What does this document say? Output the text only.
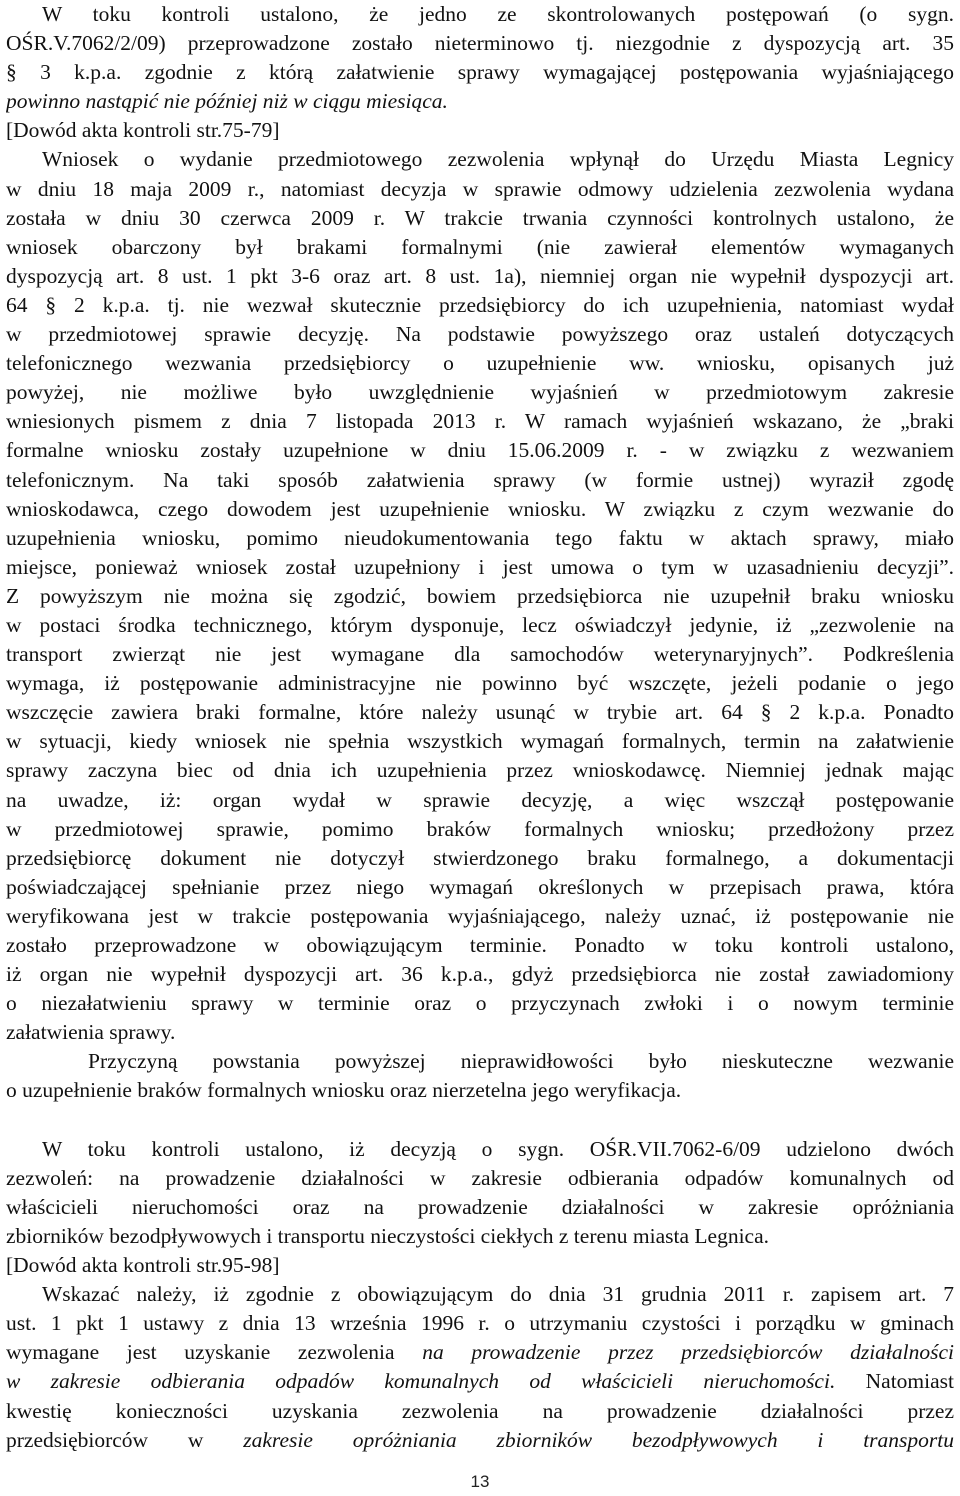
W toku kontroli ustalono, że jedno ze skontrolowanych postępowań (o sygn.
OŚR.V.7062/2/09) przeprowadzone zostało nieterminowo tj. niezgodnie z dyspozycją art. 35
§ 3 k.p.a. zgodnie z którą załatwienie sprawy wymagającej postępowania wyjaśniającego
powinno nastąpić nie później niż w ciągu miesiąca.
[Dowód akta kontroli str.75-79]
Wniosek o wydanie przedmiotowego zezwolenia wpłynął do Urzędu Miasta Legnicy
w dniu 18 maja 2009 r., natomiast decyzja w sprawie odmowy udzielenia zezwolenia wydana
została w dniu 30 czerwca 2009 r. W trakcie trwania czynności kontrolnych ustalono, że
wniosek obarczony był brakami formalnymi (nie zawierał elementów wymaganych
dyspozycją art. 8 ust. 1 pkt 3-6 oraz art. 8 ust. 1a), niemniej organ nie wypełnił dyspozycji art.
64 § 2 k.p.a. tj. nie wezwał skutecznie przedsiębiorcy do ich uzupełnienia, natomiast wydał
w przedmiotowej sprawie decyzję. Na podstawie powyższego oraz ustaleń dotyczących
telefonicznego wezwania przedsiębiorcy o uzupełnienie ww. wniosku, opisanych już
powyżej, nie możliwe było uwzględnienie wyjaśnień w przedmiotowym zakresie
wniesionych pismem z dnia 7 listopada 2013 r. W ramach wyjaśnień wskazano, że „braki
formalne wniosku zostały uzupełnione w dniu 15.06.2009 r. - w związku z wezwaniem
telefonicznym. Na taki sposób załatwienia sprawy (w formie ustnej) wyraził zgodę
wnioskodawca, czego dowodem jest uzupełnienie wniosku. W związku z czym wezwanie do
uzupełnienia wniosku, pomimo nieudokumentowania tego faktu w aktach sprawy, miało
miejsce, ponieważ wniosek został uzupełniony i jest umowa o tym w uzasadnieniu decyzji”.
Z powyższym nie można się zgodzić, bowiem przedsiębiorca nie uzupełnił braku wniosku
w postaci środka technicznego, którym dysponuje, lecz oświadczył jedynie, iż „zezwolenie na
transport zwierząt nie jest wymagane dla samochodów weterynaryjnych”. Podkreślenia
wymaga, iż postępowanie administracyjne nie powinno być wszczęte, jeżeli podanie o jego
wszczęcie zawiera braki formalne, które należy usunąć w trybie art. 64 § 2 k.p.a. Ponadto
w sytuacji, kiedy wniosek nie spełnia wszystkich wymagań formalnych, termin na załatwienie
sprawy zaczyna biec od dnia ich uzupełnienia przez wnioskodawcę. Niemniej jednak mając
na uwadze, iż: organ wydał w sprawie decyzję, a więc wszczął postępowanie
w przedmiotowej sprawie, pomimo braków formalnych wniosku; przedłożony przez
przedsiębiorcę dokument nie dotyczył stwierdzonego braku formalnego, a dokumentacji
poświadczającej spełnianie przez niego wymagań określonych w przepisach prawa, która
weryfikowana jest w trakcie postępowania wyjaśniającego, należy uznać, iż postępowanie nie
zostało przeprowadzone w obowiązującym terminie. Ponadto w toku kontroli ustalono,
iż organ nie wypełnił dyspozycji art. 36 k.p.a., gdyż przedsiębiorca nie został zawiadomiony
o niezałatwieniu sprawy w terminie oraz o przyczynach zwłoki i o nowym terminie
załatwienia sprawy.
Przyczyną powstania powyższej nieprawidłowości było nieskuteczne wezwanie
o uzupełnienie braków formalnych wniosku oraz nierzetelna jego weryfikacja.
W toku kontroli ustalono, iż decyzją o sygn. OŚR.VII.7062-6/09 udzielono dwóch
zezwoleń: na prowadzenie działalności w zakresie odbierania odpadów komunalnych od
właścicieli nieruchomości oraz na prowadzenie działalności w zakresie opróżniania
zbiorników bezodpływowych i transportu nieczystości ciekłych z terenu miasta Legnica.
[Dowód akta kontroli str.95-98]
Wskazać należy, iż zgodnie z obowiązującym do dnia 31 grudnia 2011 r. zapisem art. 7
ust. 1 pkt 1 ustawy z dnia 13 września 1996 r. o utrzymaniu czystości i porządku w gminach
wymagane jest uzyskanie zezwolenia na prowadzenie przez przedsiębiorców działalności
w zakresie odbierania odpadów komunalnych od właścicieli nieruchomości. Natomiast
kwestię konieczności uzyskania zezwolenia na prowadzenie działalności przez
przedsiębiorców w zakresie opróżniania zbiorników bezodpływowych i transportu
13
